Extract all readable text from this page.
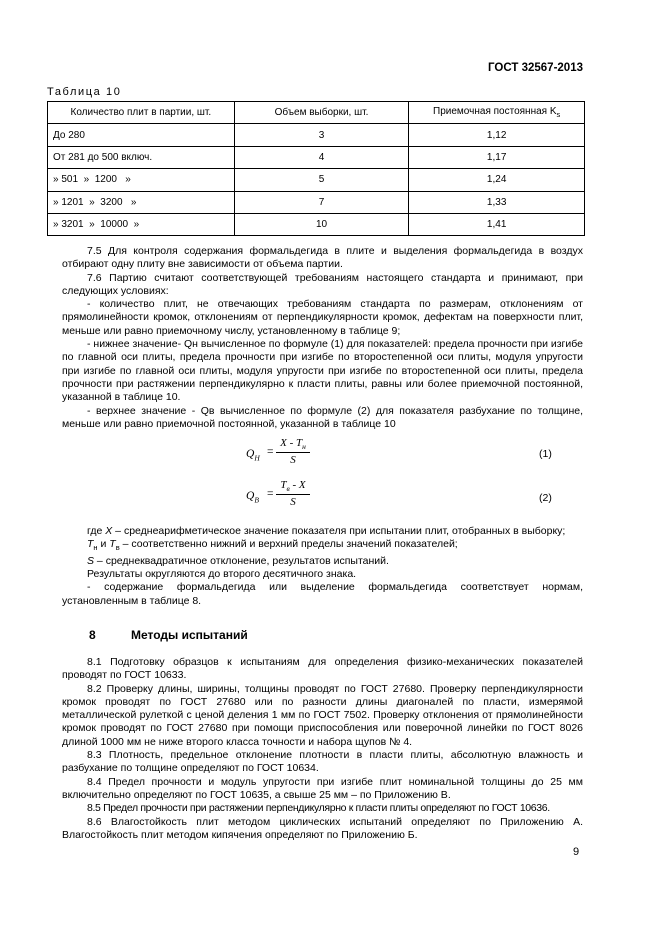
ГОСТ 32567-2013
Таблица 10
Количество плит в партии, шт.	Объем выборки, шт.	Приемочная постоянная $K_s$
До 280	3	1,12
От 281 до 500 включ.	4	1,17
» 501  »  1200   »	5	1,24
» 1201  »  3200   »	7	1,33
» 3201  »  10000  »	10	1,41

7.5 Для контроля содержания формальдегида в плите и выделения формальдегида в воздух отбирают одну плиту вне зависимости от объема партии.

7.6 Партию считают соответствующей требованиям настоящего стандарта и принимают, при следующих условиях:

- количество плит, не отвечающих требованиям стандарта по размерам, отклонениям от прямолинейности кромок, отклонениям от перпендикулярности кромок, дефектам на поверхности плит, меньше или равно приемочному числу, установленному в таблице 9;

- нижнее значение- Qн вычисленное по формуле (1) для показателей: предела прочности при изгибе по главной оси плиты, предела прочности при изгибе по второстепенной оси плиты, модуля упругости при изгибе по главной оси плиты, модуля упругости при изгибе по второстепенной оси плиты, предела прочности при растяжении перпендикулярно к пласти плиты, равны или более приемочной постоянной, указанной в таблице 10.

- верхнее значение - Qв вычисленное по формуле (2) для показателя разбухание по толщине, меньше или равно приемочной постоянной, указанной в таблице 10

$Q_H$ =
X - $T_н$
S
(1)
$Q_B$ =
$T_в$ - X
S	(2)

где X – среднеарифметическое значение показателя при испытании плит, отобранных в выборку;

$T_н$ и $T_в$ – соответственно нижний и верхний пределы значений показателей;

S – среднеквадратичное отклонение, результатов испытаний.

Результаты округляются до второго десятичного знака.

- содержание формальдегида или выделение формальдегида соответствует нормам, установленным в таблице 8.

8	Методы испытаний

8.1 Подготовку образцов к испытаниям для определения физико-механических показателей проводят по ГОСТ 10633.

8.2 Проверку длины, ширины, толщины проводят по ГОСТ 27680. Проверку перпендикулярности кромок проводят по ГОСТ 27680 или по разности длины диагоналей по пласти, измерямой металлической рулеткой с ценой деления 1 мм по ГОСТ 7502. Проверку отклонения от прямолинейности кромок проводят по ГОСТ 27680 при помощи приспособления или поверочной линейки по ГОСТ 8026 длиной 1000 мм не ниже второго класса точности и набора щупов № 4.

8.3 Плотность, предельное отклонение плотности в пласти плиты, абсолютную влажность и разбухание по толщине определяют по ГОСТ 10634.

8.4 Предел прочности и модуль упругости при изгибе плит номинальной толщины до 25 мм включительно определяют по ГОСТ 10635, а свыше 25 мм – по Приложению В.

8.5 Предел прочности при растяжении перпендикулярно к пласти плиты определяют по ГОСТ 10636.

8.6 Влагостойкость плит методом циклических испытаний определяют по Приложению А. Влагостойкость плит методом кипячения определяют по Приложению Б.

9
